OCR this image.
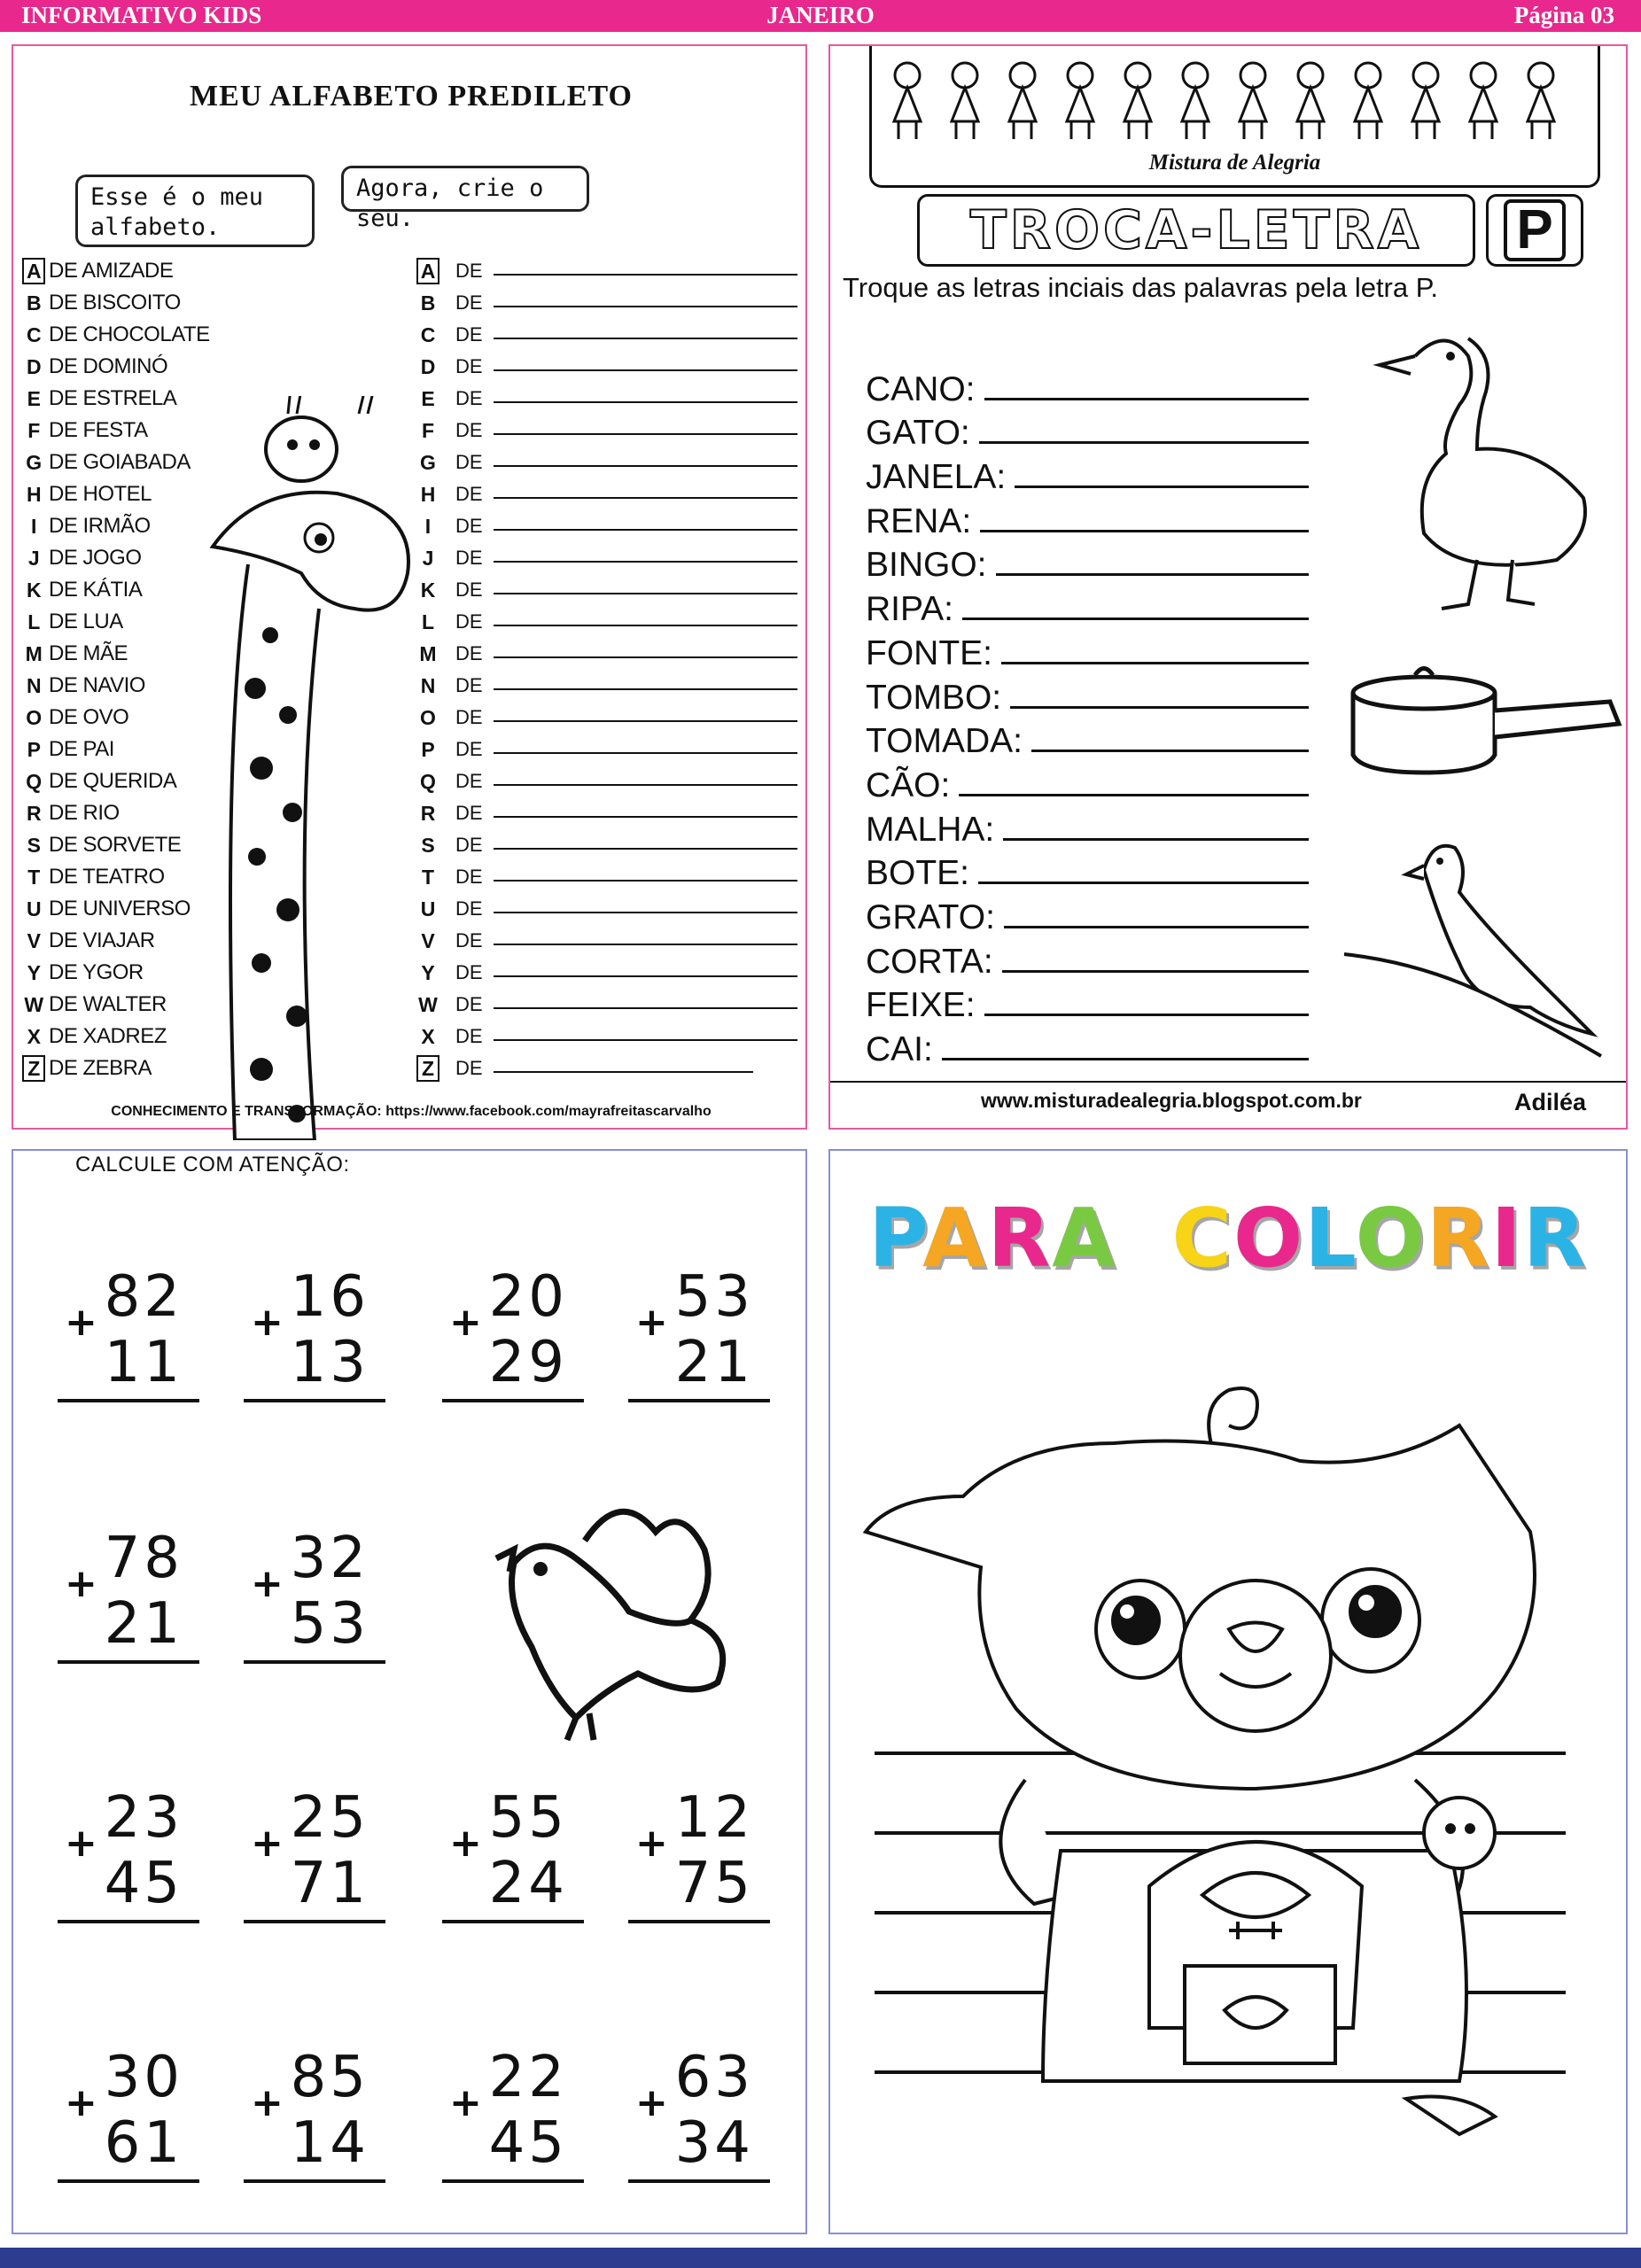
JANEIRO
INFORMATIVO KIDS	Página 03
MEU ALFABETO PREDILETO
Esse é o meu alfabeto.
Agora, crie o seu.
A DE AMIZADE
B DE BISCOITO
C DE CHOCOLATE
D DE DOMINÓ
E DE ESTRELA
F DE FESTA
G DE GOIABADA
H DE HOTEL
I DE IRMÃO
J DE JOGO
K DE KÁTIA
L DE LUA
M DE MÃE
N DE NAVIO
O DE OVO
P DE PAI
Q DE QUERIDA
R DE RIO
S DE SORVETE
T DE TEATRO
U DE UNIVERSO
V DE VIAJAR
Y DE YGOR
W DE WALTER
X DE XADREZ
Z DE ZEBRA
A DE
B DE
C DE
D DE
E DE
F DE
G DE
H DE
I	DE
J	DE
K DE
L DE
M DE
N DE
O DE
P DE
Q DE
R DE
S DE
T DE
U DE
V DE
Y DE
W DE
X DE
Z DE
CONHECIMENTO E TRANSFORMAÇÃO: https://www.facebook.com/mayrafreitascarvalho
Mistura de Alegria
TROCA-LETRA P
Troque as letras inciais das palavras pela letra P.
CANO:
GATO:
JANELA:
RENA:
BINGO:
RIPA:
FONTE:
TOMBO:
TOMADA:
CÃO:
MALHA:
BOTE:
GRATO:
CORTA:
FEIXE:
CAI:
www.misturadealegria.blogspot.com.br	Adiléa
CALCULE COM ATENÇÃO:
+ 82
11
+ 16
13
+ 20
29
+ 53
21
+ 78
21
+ 32
53
+ 23
45
+ 25
71
+ 55
24
+ 12
75
+ 30
61
+ 85
14
+ 22
45
+ 63
34
PARA COLORIR
